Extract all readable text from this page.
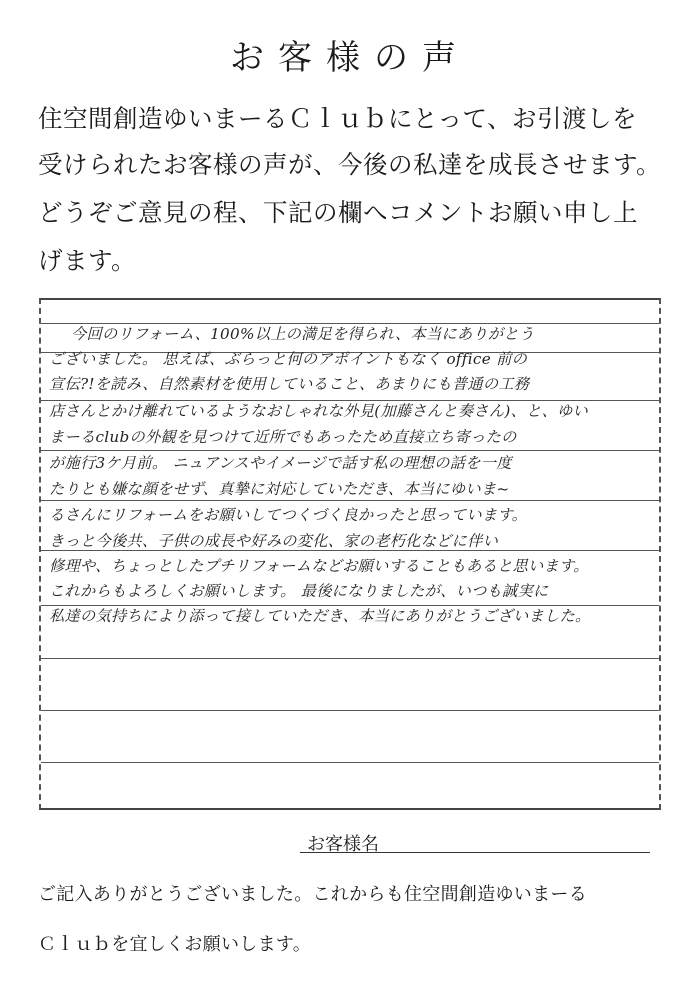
お客様の声
住空間創造ゆいまーるＣｌｕｂにとって、お引渡しを
受けられたお客様の声が、今後の私達を成長させます。
どうぞご意見の程、下記の欄へコメントお願い申し上
げます。
今回のリフォーム、100%以上の満足を得られ、本当にありがとう
ございました。 思えば、ぶらっと何のアポイントもなく office 前の
宣伝?!を読み、自然素材を使用していること、あまりにも普通の工務
店さんとかけ離れているようなおしゃれな外見(加藤さんと奏さん)、と、ゆい
まーるclubの外観を見つけて近所でもあったため直接立ち寄ったの
が施行3ケ月前。 ニュアンスやイメージで話す私の理想の話を一度
たりとも嫌な顔をせず、真摯に対応していただき、本当にゆいま~
るさんにリフォームをお願いしてつくづく良かったと思っています。
きっと今後共、子供の成長や好みの変化、家の老朽化などに伴い
修理や、ちょっとしたプチリフォームなどお願いすることもあると思います。
これからもよろしくお願いします。 最後になりましたが、いつも誠実に
私達の気持ちにより添って接していただき、本当にありがとうございました。
お客様名
ご記入ありがとうございました。これからも住空間創造ゆいまーる
Ｃｌｕｂを宜しくお願いします。
